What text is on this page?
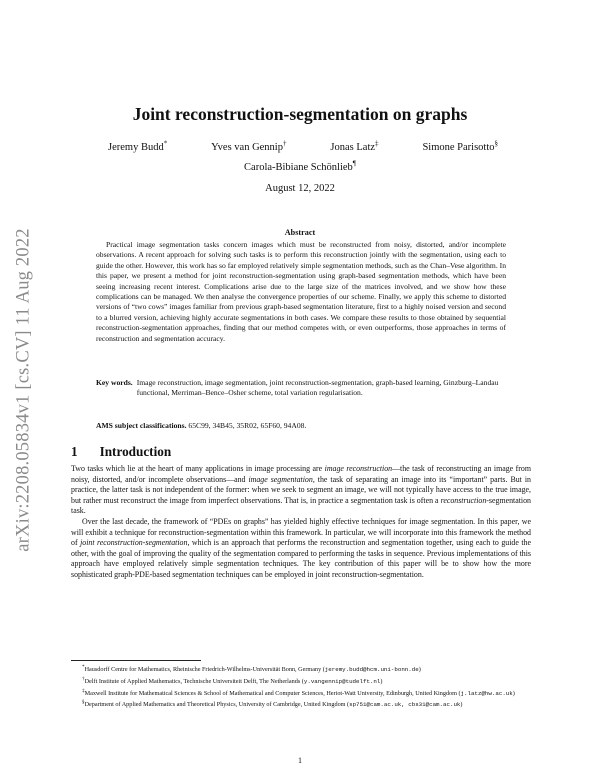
arXiv:2208.05834v1 [cs.CV] 11 Aug 2022
Joint reconstruction-segmentation on graphs
Jeremy Budd*	Yves van Gennip†	Jonas Latz‡	Simone Parisotto§
Carola-Bibiane Schönlieb¶
August 12, 2022
Abstract

Practical image segmentation tasks concern images which must be reconstructed from noisy, distorted, and/or incomplete observations. A recent approach for solving such tasks is to perform this reconstruction jointly with the segmentation, using each to guide the other. However, this work has so far employed relatively simple segmentation methods, such as the Chan–Vese algorithm. In this paper, we present a method for joint reconstruction-segmentation using graph-based segmentation methods, which have been seeing increasing recent interest. Complications arise due to the large size of the matrices involved, and we show how these complications can be managed. We then analyse the convergence properties of our scheme. Finally, we apply this scheme to distorted versions of “two cows” images familiar from previous graph-based segmentation literature, first to a highly noised version and second to a blurred version, achieving highly accurate segmentations in both cases. We compare these results to those obtained by sequential reconstruction-segmentation approaches, finding that our method competes with, or even outperforms, those approaches in terms of reconstruction and segmentation accuracy.

Key words. Image reconstruction, image segmentation, joint reconstruction-segmentation, graph-based learning, Ginzburg–Landau functional, Merriman–Bence–Osher scheme, total variation regularisation.
AMS subject classifications. 65C99, 34B45, 35R02, 65F60, 94A08.
1 Introduction

Two tasks which lie at the heart of many applications in image processing are image reconstruction—the task of reconstructing an image from noisy, distorted, and/or incomplete observations—and image segmentation, the task of separating an image into its “important” parts. But in practice, the latter task is not independent of the former: when we seek to segment an image, we will not typically have access to the true image, but rather must reconstruct the image from imperfect observations. That is, in practice a segmentation task is often a reconstruction-segmentation task.

Over the last decade, the framework of “PDEs on graphs” has yielded highly effective techniques for image segmentation. In this paper, we will exhibit a technique for reconstruction-segmentation within this framework. In particular, we will incorporate into this framework the method of joint reconstruction-segmentation, which is an approach that performs the reconstruction and segmentation together, using each to guide the other, with the goal of improving the quality of the segmentation compared to performing the tasks in sequence. Previous implementations of this approach have employed relatively simple segmentation techniques. The key contribution of this paper will be to show how the more sophisticated graph-PDE-based segmentation techniques can be employed in joint reconstruction-segmentation.

*Hausdorff Centre for Mathematics, Rheinische Friedrich-Wilhelms-Universität Bonn, Germany (jeremy.budd@hcm.uni-bonn.de)

†Delft Institute of Applied Mathematics, Technische Universiteit Delft, The Netherlands (y.vangennip@tudelft.nl)

‡Maxwell Institute for Mathematical Sciences & School of Mathematical and Computer Sciences, Heriot-Watt University, Edinburgh, United Kingdom (j.latz@hw.ac.uk)

§Department of Applied Mathematics and Theoretical Physics, University of Cambridge, United Kingdom (sp751@cam.ac.uk, cbs31@cam.ac.uk)

1
